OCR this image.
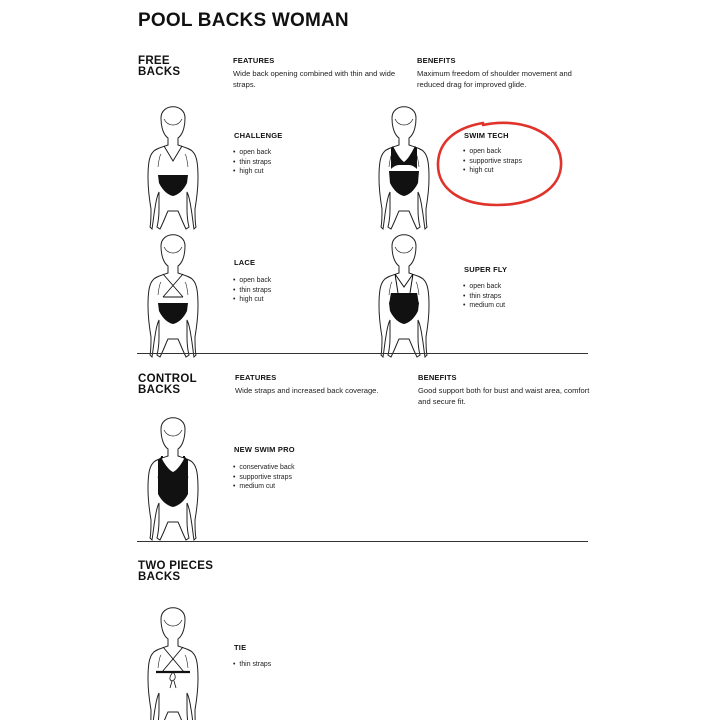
POOL BACKS WOMAN
FREE
BACKS
FEATURES
Wide back opening combined with thin and wide straps.
BENEFITS
Maximum freedom of shoulder movement and reduced drag for improved glide.
CHALLENGE
• open back
• thin straps
• high cut
SWIM TECH
• open back
• supportive straps
• high cut
LACE
• open back
• thin straps
• high cut
SUPER FLY
• open back
• thin straps
• medium cut
CONTROL
BACKS
FEATURES
Wide straps and increased back coverage.
BENEFITS
Good support both for bust and waist area, comfort and secure fit.
NEW SWIM PRO
• conservative back
• supportive straps
• medium cut
TWO PIECES
BACKS
TIE
• thin straps
